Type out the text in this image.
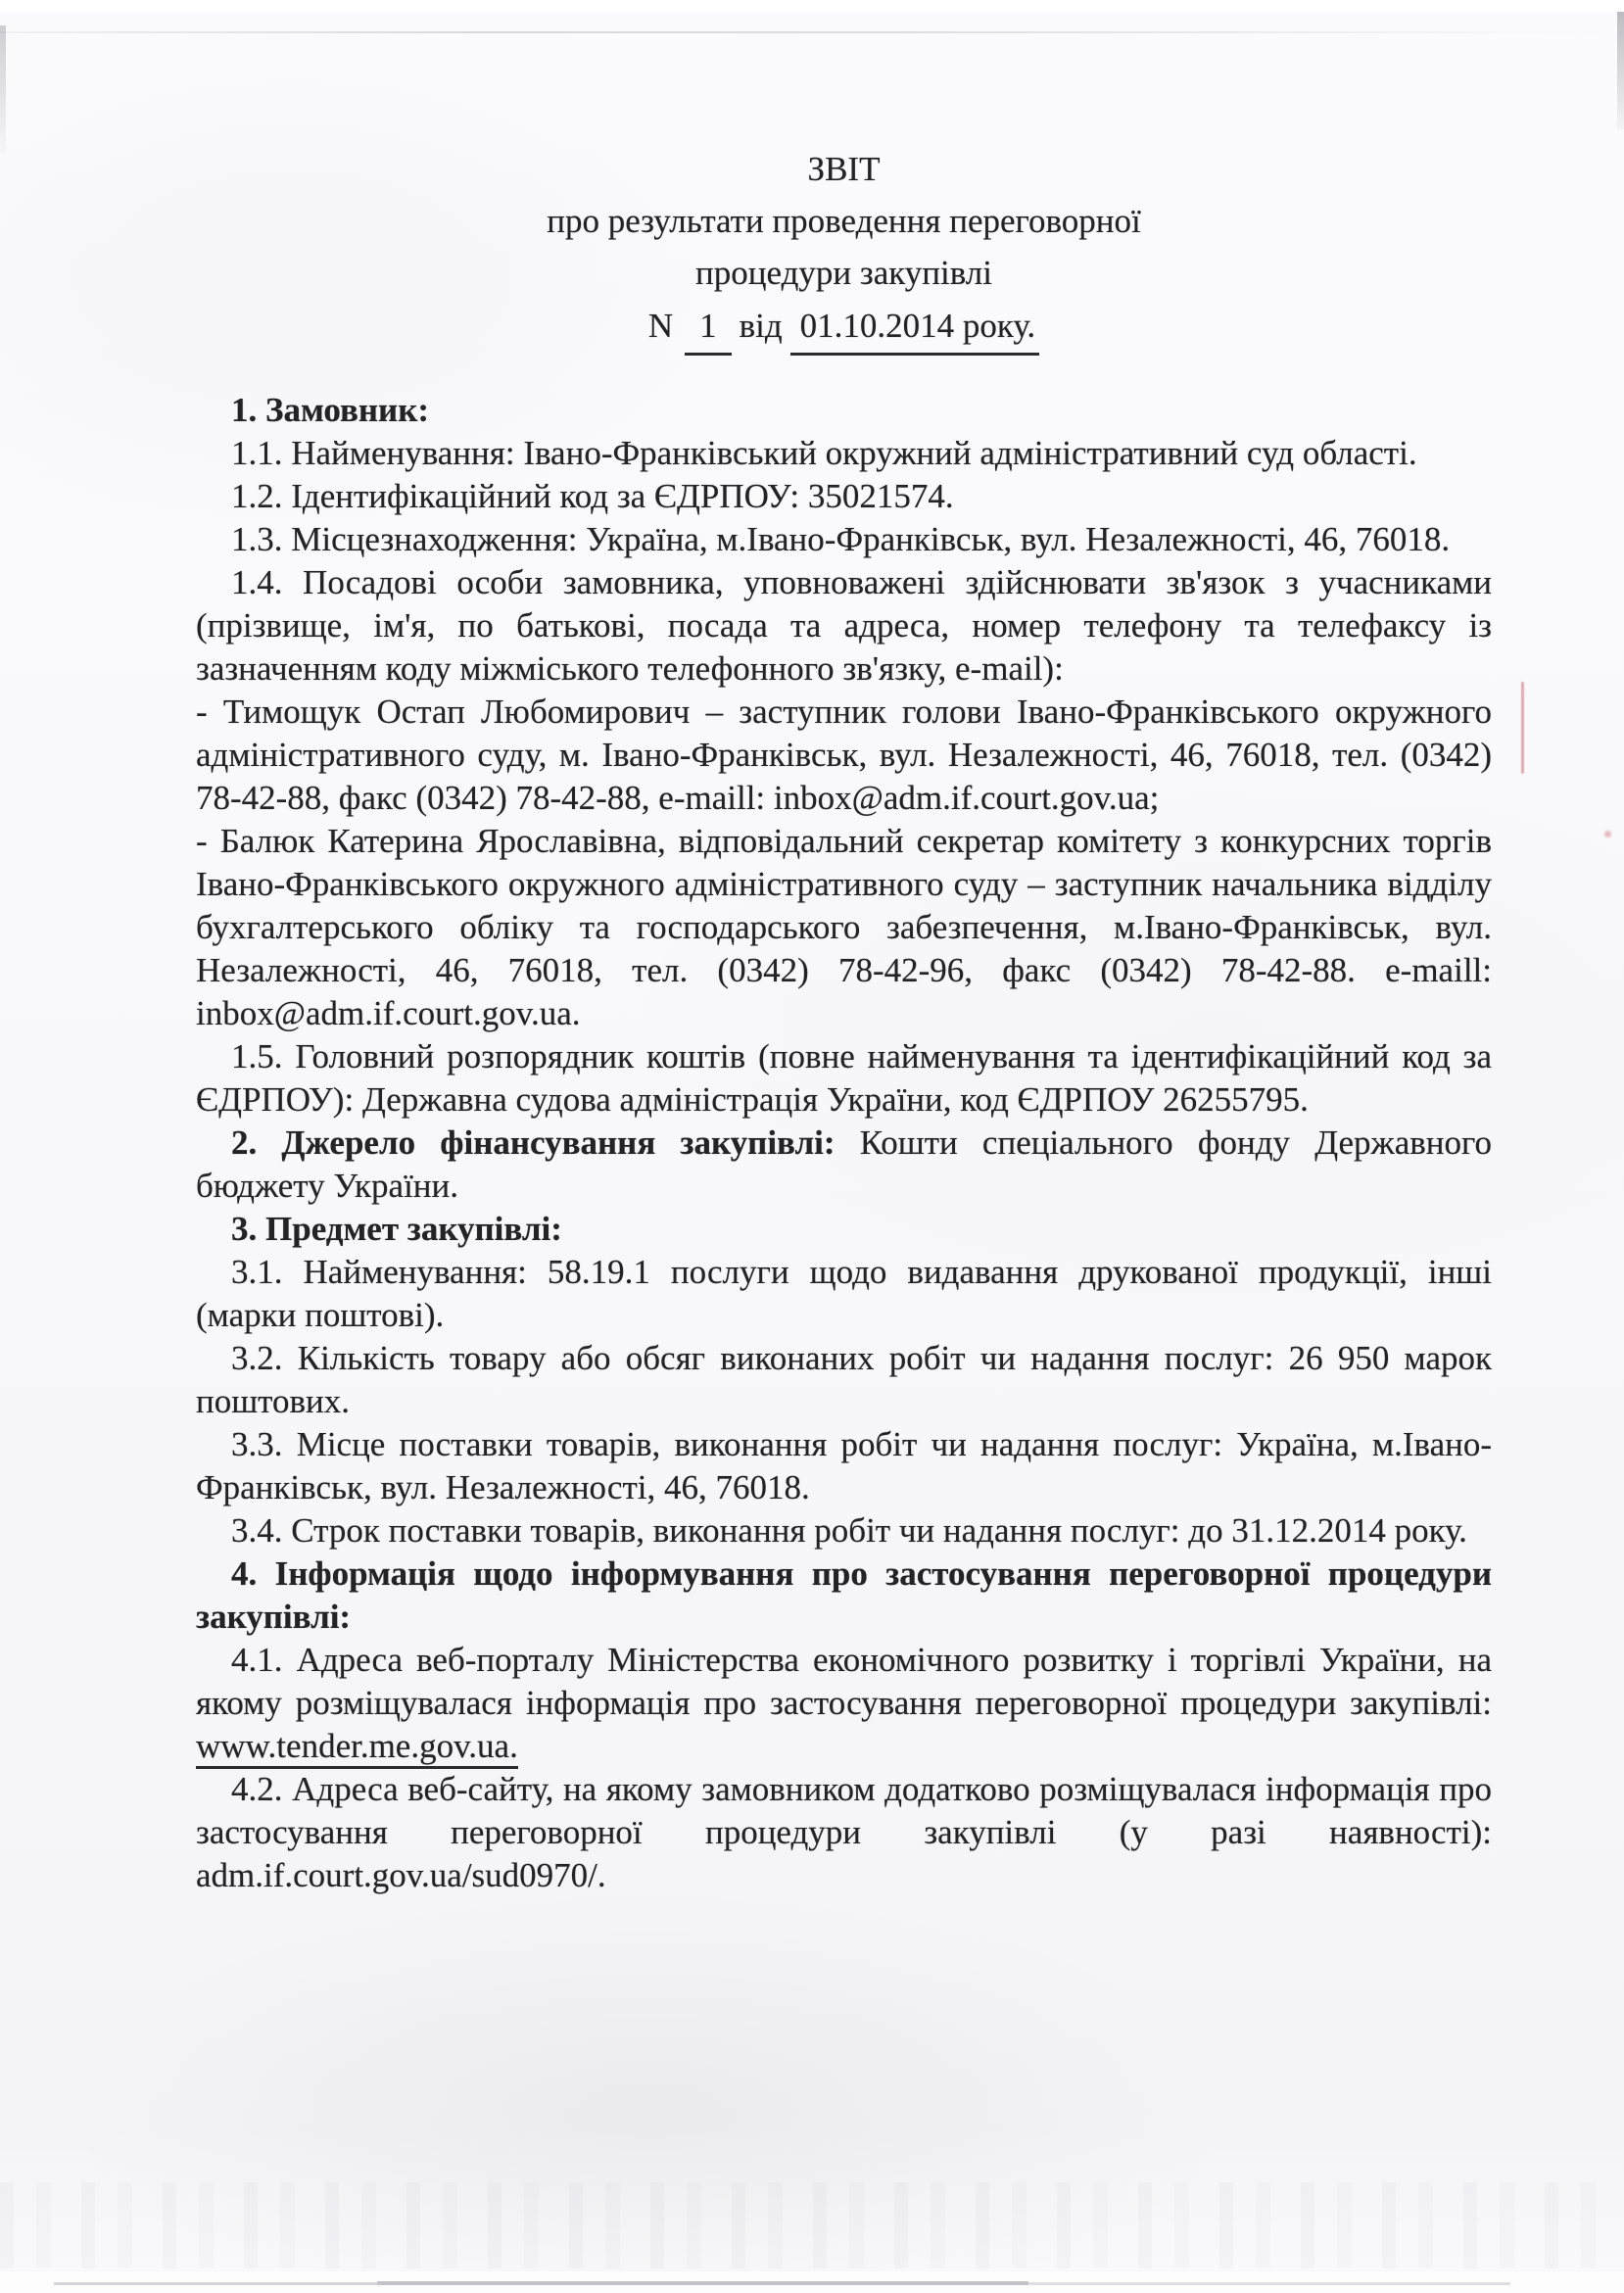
ЗВІТ
про результати проведення переговорної
процедури закупівлі
N 1 від 01.10.2014 року.

1. Замовник:

1.1. Найменування: Івано-Франківський окружний адміністративний суд області.

1.2. Ідентифікаційний код за ЄДРПОУ: 35021574.

1.3. Місцезнаходження: Україна, м.Івано-Франківськ, вул. Незалежності, 46, 76018.

1.4. Посадові особи замовника, уповноважені здійснювати зв'язок з учасниками (прізвище, ім'я, по батькові, посада та адреса, номер телефону та телефаксу із зазначенням коду міжміського телефонного зв'язку, e-mail):

- Тимощук Остап Любомирович – заступник голови Івано-Франківського окружного адміністративного суду, м. Івано-Франківськ, вул. Незалежності, 46, 76018, тел. (0342) 78-42-88, факс (0342) 78-42-88, e-maill: inbox@adm.if.court.gov.ua;

- Балюк Катерина Ярославівна, відповідальний секретар комітету з конкурсних торгів Івано-Франківського окружного адміністративного суду – заступник начальника відділу бухгалтерського обліку та господарського забезпечення, м.Івано-Франківськ, вул. Незалежності, 46, 76018, тел. (0342) 78-42-96, факс (0342) 78-42-88. e-maill: inbox@adm.if.court.gov.ua.

1.5. Головний розпорядник коштів (повне найменування та ідентифікаційний код за ЄДРПОУ): Державна судова адміністрація України, код ЄДРПОУ 26255795.

2. Джерело фінансування закупівлі: Кошти спеціального фонду Державного бюджету України.

3. Предмет закупівлі:

3.1. Найменування: 58.19.1 послуги щодо видавання друкованої продукції, інші (марки поштові).

3.2. Кількість товару або обсяг виконаних робіт чи надання послуг: 26 950 марок поштових.

3.3. Місце поставки товарів, виконання робіт чи надання послуг: Україна, м.Івано-Франківськ, вул. Незалежності, 46, 76018.

3.4. Строк поставки товарів, виконання робіт чи надання послуг: до 31.12.2014 року.

4. Інформація щодо інформування про застосування переговорної процедури закупівлі:

4.1. Адреса веб-порталу Міністерства економічного розвитку і торгівлі України, на якому розміщувалася інформація про застосування переговорної процедури закупівлі: www.tender.me.gov.ua.

4.2. Адреса веб-сайту, на якому замовником додатково розміщувалася інформація про застосування переговорної процедури закупівлі (у разі наявності): adm.if.court.gov.ua/sud0970/.
